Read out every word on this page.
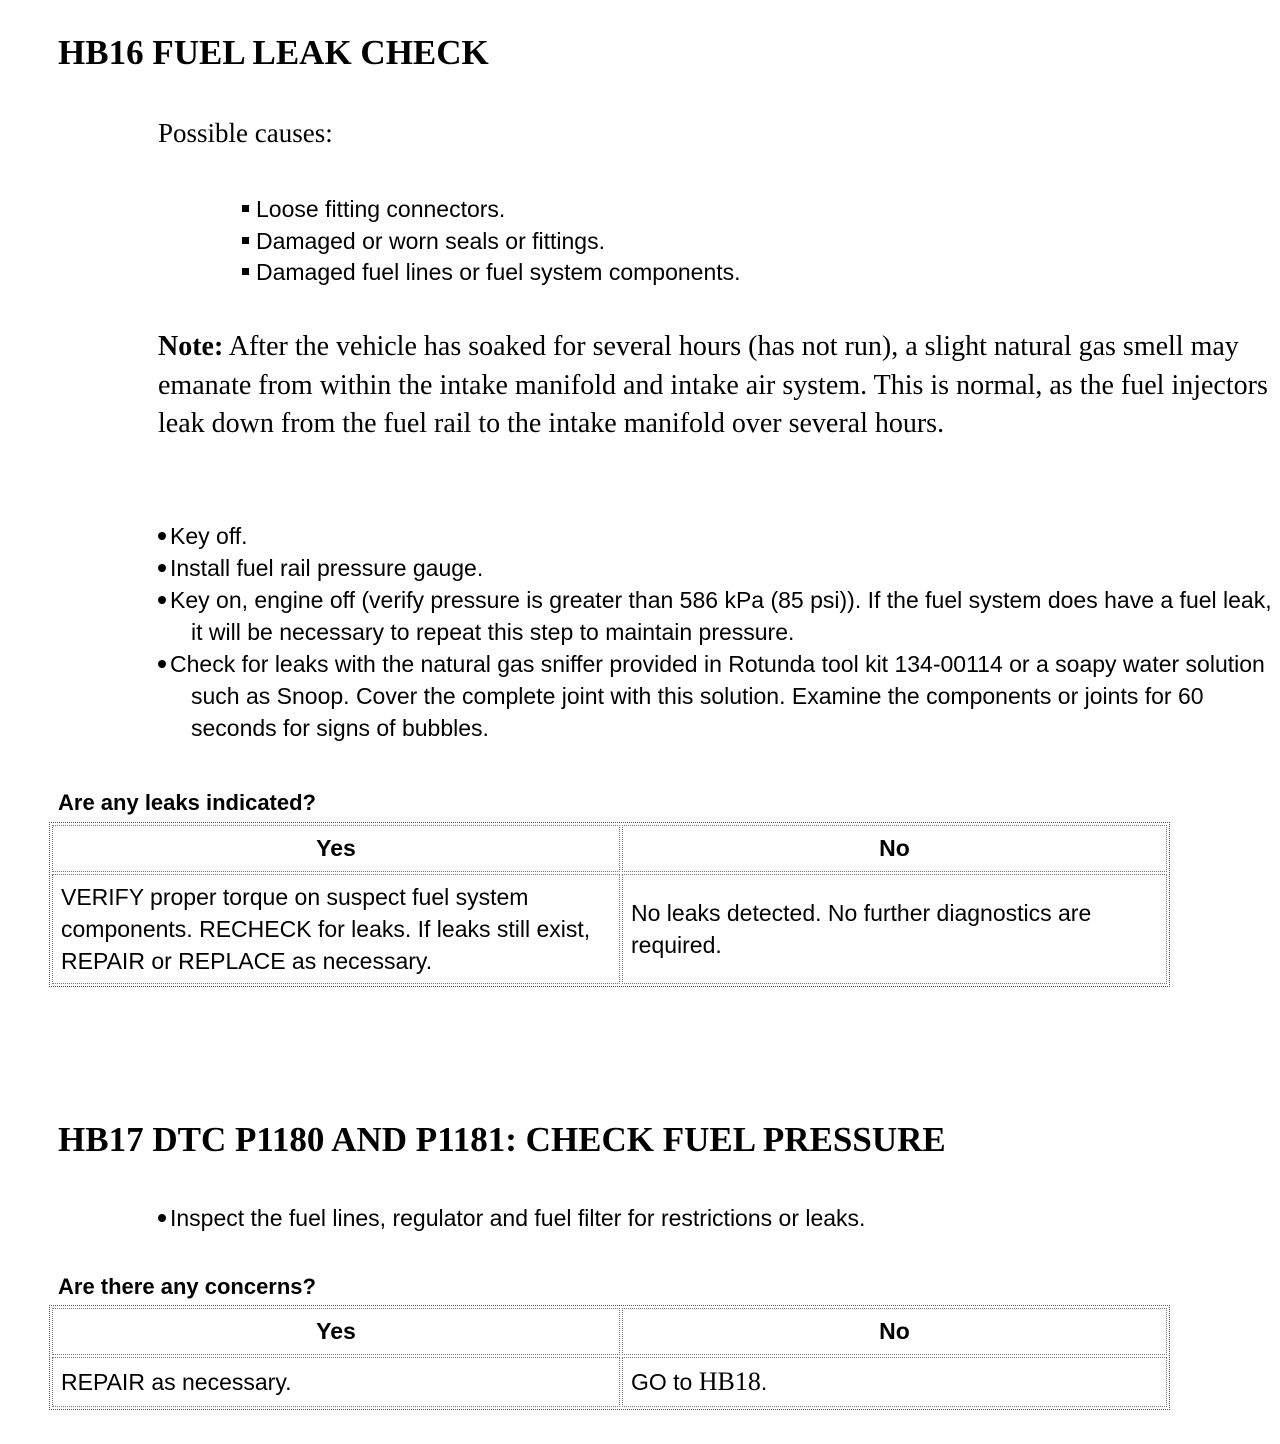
HB16 FUEL LEAK CHECK

Possible causes:

Loose fitting connectors.
Damaged or worn seals or fittings.
Damaged fuel lines or fuel system components.

Note: After the vehicle has soaked for several hours (has not run), a slight natural gas smell may emanate from within the intake manifold and intake air system. This is normal, as the fuel injectors leak down from the fuel rail to the intake manifold over several hours.

Key off.
Install fuel rail pressure gauge.
Key on, engine off (verify pressure is greater than 586 kPa (85 psi)). If the fuel system does have a fuel leak, it will be necessary to repeat this step to maintain pressure.
Check for leaks with the natural gas sniffer provided in Rotunda tool kit 134-00114 or a soapy water solution such as Snoop. Cover the complete joint with this solution. Examine the components or joints for 60 seconds for signs of bubbles.

Are any leaks indicated?

Yes	No
VERIFY proper torque on suspect fuel system components. RECHECK for leaks. If leaks still exist, REPAIR or REPLACE as necessary.	No leaks detected. No further diagnostics are required.
HB17 DTC P1180 AND P1181: CHECK FUEL PRESSURE
Inspect the fuel lines, regulator and fuel filter for restrictions or leaks.

Are there any concerns?

Yes	No
REPAIR as necessary.	GO to HB18.
